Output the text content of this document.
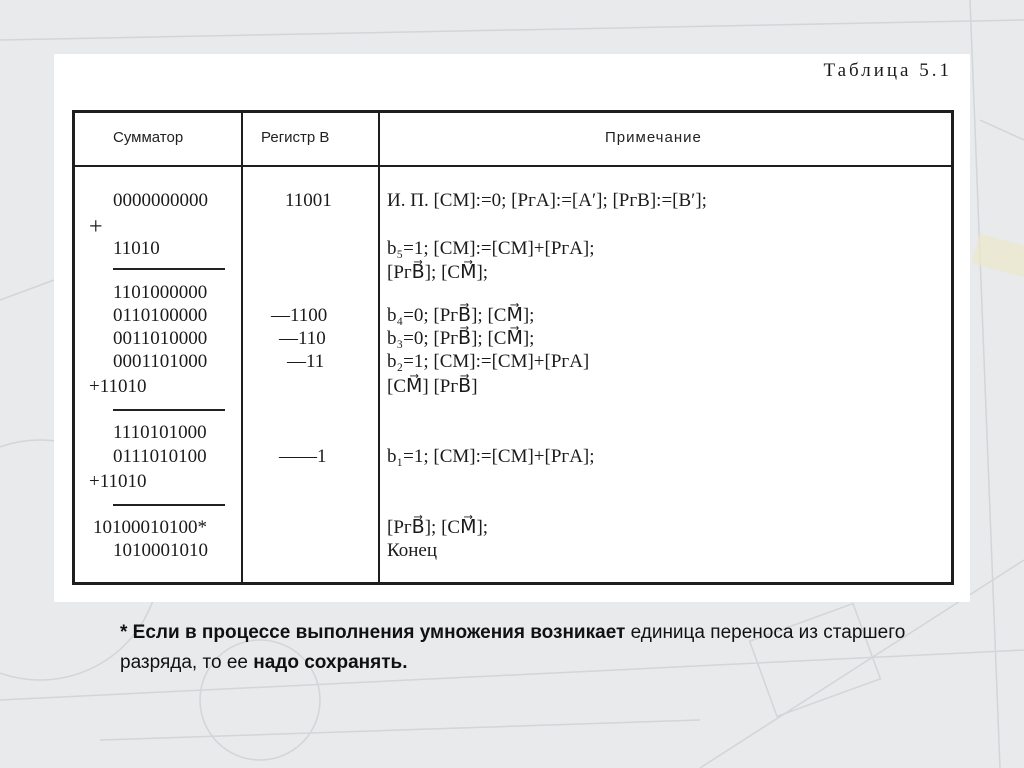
Таблица 5.1
Сумматор	Регистр B	Примечание
0000000000
+
11010
1101000000
0110100000
0011010000
0001101000
+11010
1110101000
0111010100
+11010
10100010100*
1010001010
11001
—1100
—110
—11
——1
И. П. [СМ]:=0; [PгA]:=[A′]; [PгB]:=[B′];
b₅=1; [СМ]:=[СМ]+[PгA];
[PгB⃗]; [СМ⃗];
b₄=0; [PгB⃗]; [СМ⃗];
b₃=0; [PгB⃗]; [СМ⃗];
b₂=1; [СМ]:=[СМ]+[PгA]
[СМ⃗] [PгB⃗]
b₁=1; [СМ]:=[СМ]+[PгA];
[PгB⃗]; [СМ⃗];
Конец
* Если в процессе выполнения умножения возникает единица переноса из старшего разряда, то ее надо сохранять.
